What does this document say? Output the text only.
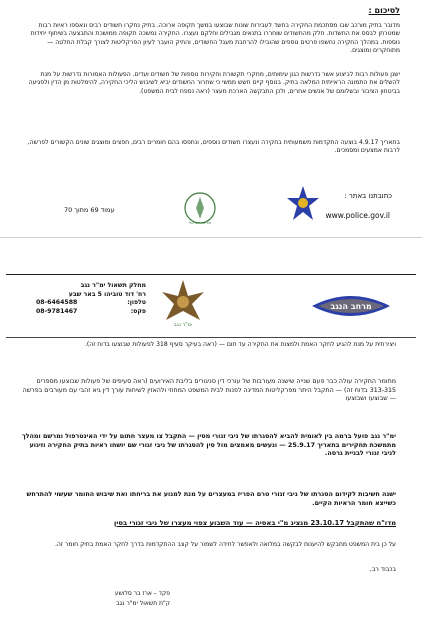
לסיכום :
מדובר בתיק מורכב שבו מסתכמת החקירה בחשד לעבירות שונות שבוצעו במשך תקופה ארוכה. בתיק נחקרו חשודים רבים ונאספו ראיות רבות שמטרתן לבסס את החשדות. חלק מהחשודים שוחררו בתנאים מגבילים וחלקם נעצרו. החקירה נמשכה תקופה ממושכת והתבצעה בשיתוף יחידות נוספות. במהלך החקירה נחשפו פרטים נוספים שהובילו להרחבת מעגל החשודים, והתיק הועבר לעיון הפרקליטות לצורך קבלת החלטה — מתוחקרים ומוצגים.
ישנן פעולות רבות לביצוע אשר נדרשות כגון עימותים, מחקרי תקשורת וחקירות נוספות של חשודים ועדים. הפעולות האמורות נדרשות על מנת להשלים את התמונה הראייתית המלאה בתיק. בנוסף קיים חשש ממשי כי שחרור החשודים יביא לשיבוש הליכי החקירה, להימלטות מן הדין ולפגיעה בביטחון הציבור ובשלומם של אנשים אחרים, ולכן התבקשה הארכת מעצר (ראה נספח לבית המשפט).
בתאריך 4.9.17 בוצעה התקדמות משמעותית בחקירה ונעצרו חשודים נוספים, ונתפסו בהם חומרים רבים, חפצים ומוצגים שונים הקשורים לפרשה, לרבות אמצעים ומסמכים.
עמוד 69 מתוך 70
מדינת ישראל
כתובתנו באתר :
www.police.gov.il
מרחב הנגב
ימ"ר נגב
מחלק תשאול ימ"ר נגב
רח' דוד טוביהו 5 באר שבע
טלפון:
08-6464588
פקס:
08-9781467
ויצירתית על מנת להגיע לחקר האמת ולמצות את החקירה עד תום — (ראה בעיקר סעיף 318 לפעולות שבוצעו בדוח זה).
מתומר החקירה עולה כבר פעם שנייה שישנה מעורבות של עורכי דין סניגורים בליבת האירועים (ראה סעיפים של פעולות שבוצעו מספרים 313-315 בדוח זה) — התקבל היתר מפרקליטות המדינה לפנות לבית המשפט המחוזי ולהאזין לשיחות עורך דין גיא זהבי עם מעורבים בפרשה — שבוצעו ושבוצעו
ימ"ר נגב פועל ברמה בין לאומית להביא להסגרתו של ניבי זגורי מסין — התקבל צו מעצר חתום על ידי האינטרפול ומרשם ומהלך מתמשכת תחקירים בתאריך 25.9.17 — ונעשים מאמצים מול סין להסגרתו של ניבי זגורי שם יושחו ראיות בתיק החקירה וזיגוע לניבי זגורי לבניית גרסה.
ישנה חשיבות לקידום הסגרתו של ניבי זגורי טרם הפריז במעצרים על מנת למנוע את בריחתו ואת שיבוש החומר שעשוי להתרחש כשייצא חומר הראיות הקיים.
מדו"ח שהתקבל 23.10.17 מנציג מ"י באסיה — עוד השבוע צפוי מעצרו של ניבי זגורי בסין
על כן בית המשפט מתבקש להיענות לבקשה במלואה ולאפשר לחידה לשמור על קצב ההתקדמות בדרך לחקר האמת בתיק חומר זה.
בכבוד רב,
פקד – ארז בר סלושע
ק"ת תשאול ימ"ר נגב
